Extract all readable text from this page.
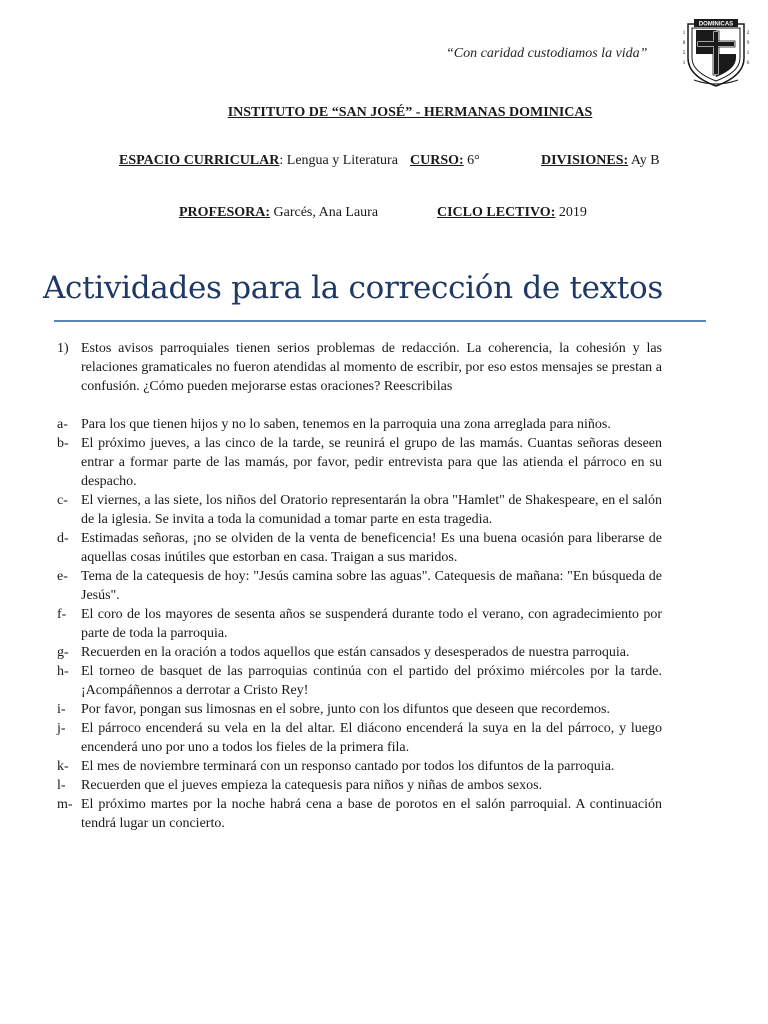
“Con caridad custodiamos la vida”
DOMINICAS
1
8
5
1
2
9
1
6
INSTITUTO DE “SAN JOSÉ” - HERMANAS DOMINICAS
ESPACIO CURRICULAR: Lengua y Literatura CURSO: 6°	DIVISIONES: Ay B
PROFESORA: Garcés, Ana Laura	CICLO LECTIVO: 2019
Actividades para la corrección de textos
1) Estos avisos parroquiales tienen serios problemas de redacción. La coherencia, la cohesión y las relaciones gramaticales no fueron atendidas al momento de escribir, por eso estos mensajes se prestan a confusión. ¿Cómo pueden mejorarse estas oraciones? Reescribilas
a- Para los que tienen hijos y no lo saben, tenemos en la parroquia una zona arreglada para niños.
b- El próximo jueves, a las cinco de la tarde, se reunirá el grupo de las mamás. Cuantas señoras deseen entrar a formar parte de las mamás, por favor, pedir entrevista para que las atienda el párroco en su despacho.
c- El viernes, a las siete, los niños del Oratorio representarán la obra "Hamlet" de Shakespeare, en el salón de la iglesia. Se invita a toda la comunidad a tomar parte en esta tragedia.
d- Estimadas señoras, ¡no se olviden de la venta de beneficencia! Es una buena ocasión para liberarse de aquellas cosas inútiles que estorban en casa. Traigan a sus maridos.
e- Tema de la catequesis de hoy: "Jesús camina sobre las aguas". Catequesis de mañana: "En búsqueda de Jesús".
f-	El coro de los mayores de sesenta años se suspenderá durante todo el verano, con agradecimiento por parte de toda la parroquia.
g- Recuerden en la oración a todos aquellos que están cansados y desesperados de nuestra parroquia.
h- El torneo de basquet de las parroquias continúa con el partido del próximo miércoles por la tarde. ¡Acompáñennos a derrotar a Cristo Rey!
i-	Por favor, pongan sus limosnas en el sobre, junto con los difuntos que deseen que recordemos.
j-	El párroco encenderá su vela en la del altar. El diácono encenderá la suya en la del párroco, y luego encenderá uno por uno a todos los fieles de la primera fila.
k- El mes de noviembre terminará con un responso cantado por todos los difuntos de la parroquia.
l-	Recuerden que el jueves empieza la catequesis para niños y niñas de ambos sexos.
m- El próximo martes por la noche habrá cena a base de porotos en el salón parroquial. A continuación tendrá lugar un concierto.
